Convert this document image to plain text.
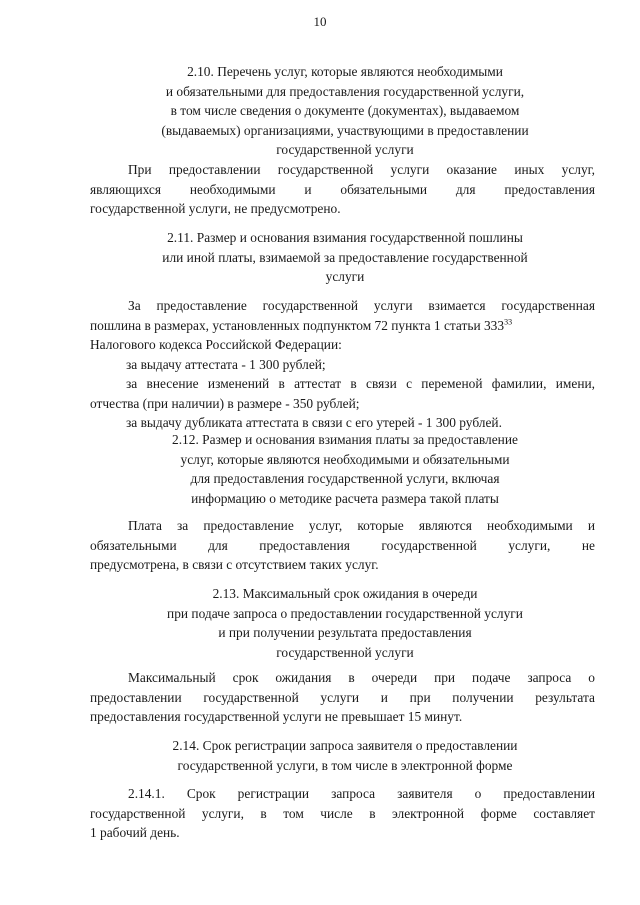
10
2.10. Перечень услуг, которые являются необходимыми
и обязательными для предоставления государственной услуги,
в том числе сведения о документе (документах), выдаваемом
(выдаваемых) организациями, участвующими в предоставлении
государственной услуги
При предоставлении государственной услуги оказание иных услуг,
являющихся необходимыми и обязательными для предоставления
государственной услуги, не предусмотрено.
2.11. Размер и основания взимания государственной пошлины
или иной платы, взимаемой за предоставление государственной
услуги
За предоставление государственной услуги взимается государственная
пошлина в размерах, установленных подпунктом 72 пункта 1 статьи $333^{33}$
Налогового кодекса Российской Федерации:
за выдачу аттестата - 1 300 рублей;
за внесение изменений в аттестат в связи с переменой фамилии, имени,
отчества (при наличии) в размере - 350 рублей;
за выдачу дубликата аттестата в связи с его утерей - 1 300 рублей.
2.12. Размер и основания взимания платы за предоставление
услуг, которые являются необходимыми и обязательными
для предоставления государственной услуги, включая
информацию о методике расчета размера такой платы
Плата за предоставление услуг, которые являются необходимыми и
обязательными для предоставления государственной услуги, не
предусмотрена, в связи с отсутствием таких услуг.
2.13. Максимальный срок ожидания в очереди
при подаче запроса о предоставлении государственной услуги
и при получении результата предоставления
государственной услуги
Максимальный срок ожидания в очереди при подаче запроса о
предоставлении государственной услуги и при получении результата
предоставления государственной услуги не превышает 15 минут.
2.14. Срок регистрации запроса заявителя о предоставлении
государственной услуги, в том числе в электронной форме
2.14.1. Срок регистрации запроса заявителя о предоставлении
государственной услуги, в том числе в электронной форме составляет
1 рабочий день.
